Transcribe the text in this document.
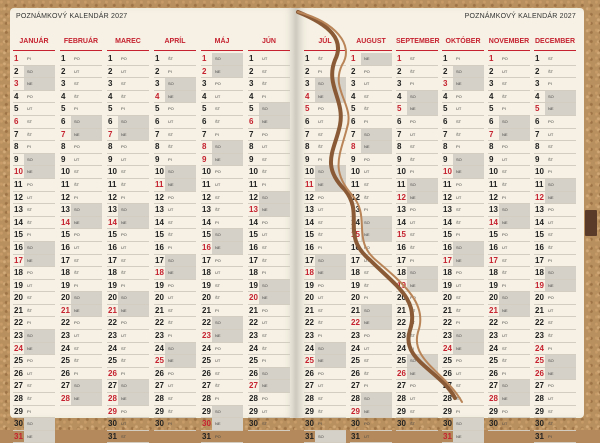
POZNÁMKOVÝ KALENDÁR 2027
JANUÁR
1 PI
2 SO
3 NE
4 PO
5 UT
6 ST
7 ŠT
8 PI
9 SO
10 NE
11 PO
12 UT
13 ST
14 ŠT
15 PI
16 SO
17 NE
18 PO
19 UT
20 ST
21 ŠT
22 PI
23 SO
24 NE
25 PO
26 UT
27 ST
28 ŠT
29 PI
30 SO
31 NE
FEBRUÁR
1 PO
2 UT
3 ST
4 ŠT
5 PI
6 SO
7 NE
8 PO
9 UT
10 ST
11 ŠT
12 PI
13 SO
14 NE
15 PO
16 UT
17 ST
18 ŠT
19 PI
20 SO
21 NE
22 PO
23 UT
24 ST
25 ŠT
26 PI
27 SO
28 NE
MAREC
1 PO
2 UT
3 ST
4 ŠT
5 PI
6 SO
7 NE
8 PO
9 UT
10 ST
11 ŠT
12 PI
13 SO
14 NE
15 PO
16 UT
17 ST
18 ŠT
19 PI
20 SO
21 NE
22 PO
23 UT
24 ST
25 ŠT
26 PI
27 SO
28 NE
29 PO
30 UT
31 ST
APRÍL
1 ŠT
2 PI
3 SO
4 NE
5 PO
6 UT
7 ST
8 ŠT
9 PI
10 SO
11 NE
12 PO
13 UT
14 ST
15 ŠT
16 PI
17 SO
18 NE
19 PO
20 UT
21 ST
22 ŠT
23 PI
24 SO
25 NE
26 PO
27 UT
28 ST
29 ŠT
30 PI
MÁJ
1 SO
2 NE
3 PO
4 UT
5 ST
6 ŠT
7 PI
8 SO
9 NE
10 PO
11 UT
12 ST
13 ŠT
14 PI
15 SO
16 NE
17 PO
18 UT
19 ST
20 ŠT
21 PI
22 SO
23 NE
24 PO
25 UT
26 ST
27 ŠT
28 PI
29 SO
30 NE
31 PO
JÚN
1 UT
2 ST
3 ŠT
4 PI
5 SO
6 NE
7 PO
8 UT
9 ST
10 ŠT
11 PI
12 SO
13 NE
14 PO
15 UT
16 ST
17 ŠT
18 PI
19 SO
20 NE
21 PO
22 UT
23 ST
24 ŠT
25 PI
26 SO
27 NE
28 PO
29 UT
30 ST
POZNÁMKOVÝ KALENDÁR 2027
JÚL
1 ŠT
2 PI
3 SO
4 NE
5 PO
6 UT
7 ST
8 ŠT
9 PI
10 SO
11 NE
12 PO
13 UT
14 ST
15 ŠT
16 PI
17 SO
18 NE
19 PO
20 UT
21 ST
22 ŠT
23 PI
24 SO
25 NE
26 PO
27 UT
28 ST
29 ŠT
30 PI
31 SO
AUGUST
1 NE
2 PO
3 UT
4 ST
5 ŠT
6 PI
7 SO
8 NE
9 PO
10 UT
11 ST
12 ŠT
13 PI
14 SO
15 NE
16 PO
17 UT
18 ST
19 ŠT
20 PI
21 SO
22 NE
23 PO
24 UT
25 ST
26 ŠT
27 PI
28 SO
29 NE
30 PO
31 UT
SEPTEMBER
1 ST
2 ŠT
3 PI
4 SO
5 NE
6 PO
7 UT
8 ST
9 ŠT
10 PI
11 SO
12 NE
13 PO
14 UT
15 ST
16 ŠT
17 PI
18 SO
19 NE
20 PO
21 UT
22 ST
23 ŠT
24 PI
25 SO
26 NE
27 PO
28 UT
29 ST
30 ŠT
OKTÓBER
1 PI
2 SO
3 NE
4 PO
5 UT
6 ST
7 ŠT
8 PI
9 SO
10 NE
11 PO
12 UT
13 ST
14 ŠT
15 PI
16 SO
17 NE
18 PO
19 UT
20 ST
21 ŠT
22 PI
23 SO
24 NE
25 PO
26 UT
27 ST
28 ŠT
29 PI
30 SO
31 NE
NOVEMBER
1 PO
2 UT
3 ST
4 ŠT
5 PI
6 SO
7 NE
8 PO
9 UT
10 ST
11 ŠT
12 PI
13 SO
14 NE
15 PO
16 UT
17 ST
18 ŠT
19 PI
20 SO
21 NE
22 PO
23 UT
24 ST
25 ŠT
26 PI
27 SO
28 NE
29 PO
30 UT
DECEMBER
1 ST
2 ŠT
3 PI
4 SO
5 NE
6 PO
7 UT
8 ST
9 ŠT
10 PI
11 SO
12 NE
13 PO
14 UT
15 ST
16 ŠT
17 PI
18 SO
19 NE
20 PO
21 UT
22 ST
23 ŠT
24 PI
25 SO
26 NE
27 PO
28 UT
29 ST
30 ŠT
31 PI
